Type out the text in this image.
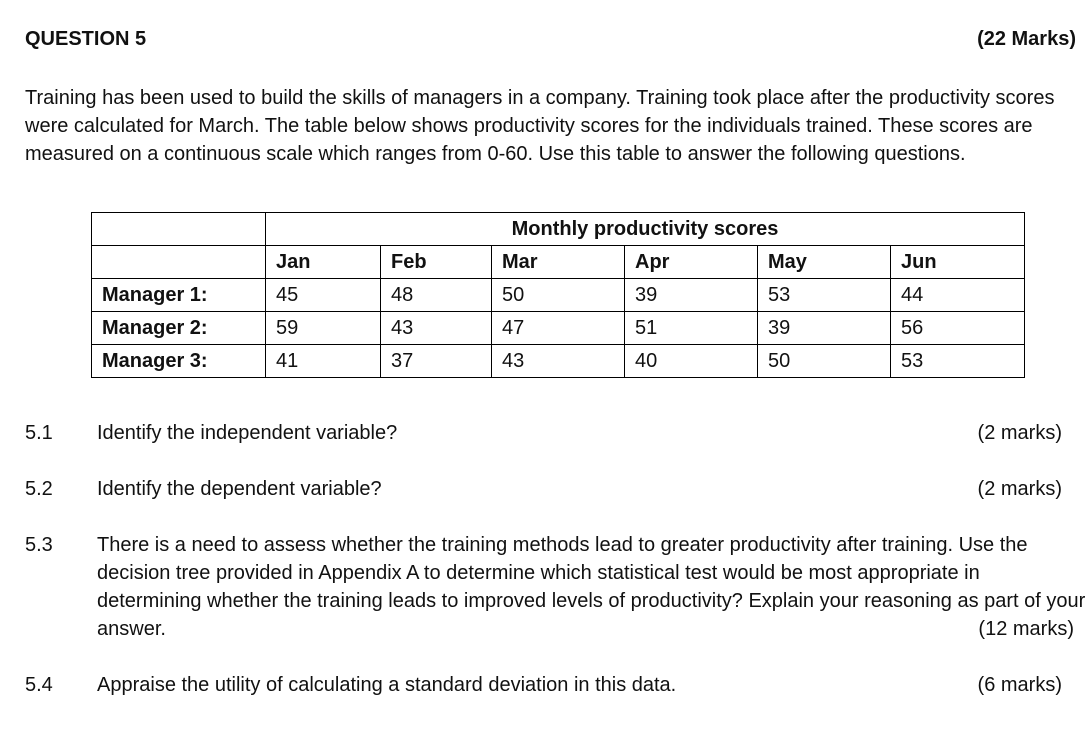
QUESTION 5	(22 Marks)
Training has been used to build the skills of managers in a company. Training took place after the productivity scores
were calculated for March. The table below shows productivity scores for the individuals trained. These scores are
measured on a continuous scale which ranges from 0-60. Use this table to answer the following questions.
	Monthly productivity scores					
	Jan	Feb	Mar	Apr	May	Jun
Manager 1:	45	48	50	39	53	44
Manager 2:	59	43	47	51	39	56
Manager 3:	41	37	43	40	50	53
5.1 Identify the independent variable?	(2 marks)
5.2 Identify the dependent variable?	(2 marks)
5.3 There is a need to assess whether the training methods lead to greater productivity after training. Use the
decision tree provided in Appendix A to determine which statistical test would be most appropriate in
determining whether the training leads to improved levels of productivity? Explain your reasoning as part of your
answer.	(12 marks)
5.4 Appraise the utility of calculating a standard deviation in this data.	(6 marks)
